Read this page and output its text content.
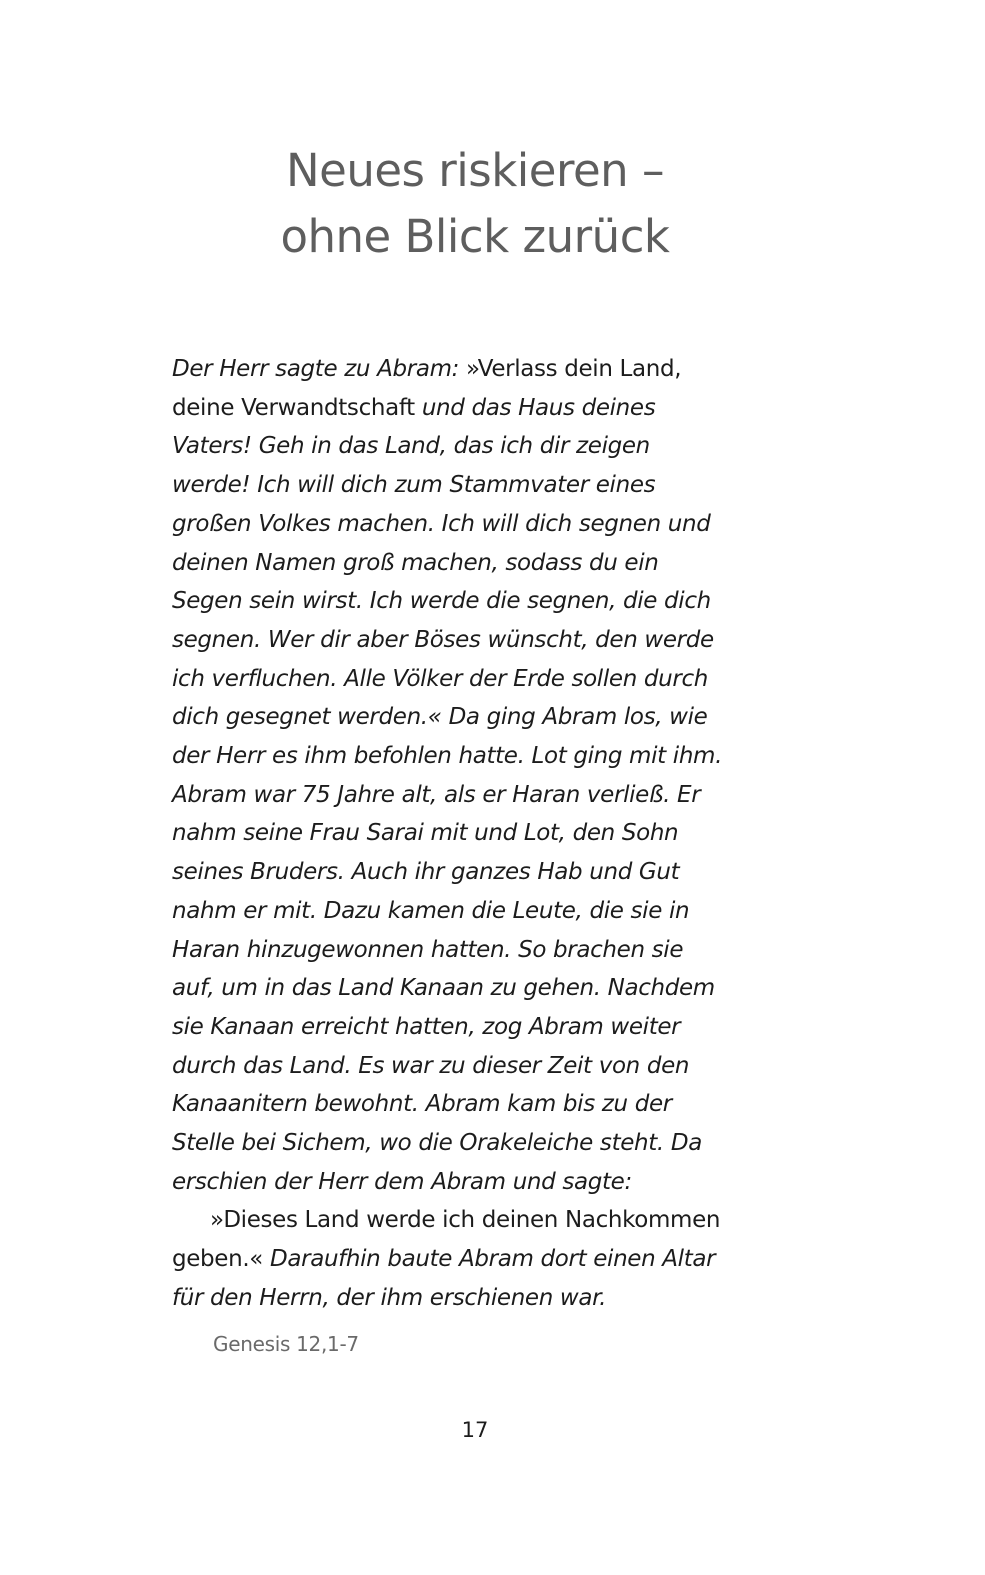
Neues riskieren –
ohne Blick zurück
Der Herr sagte zu Abram: »Verlass dein Land,
deine Verwandtschaft und das Haus deines
Vaters! Geh in das Land, das ich dir zeigen
werde! Ich will dich zum Stammvater eines
großen Volkes machen. Ich will dich segnen und
deinen Namen groß machen, sodass du ein
Segen sein wirst. Ich werde die segnen, die dich
segnen. Wer dir aber Böses wünscht, den werde
ich verfluchen. Alle Völker der Erde sollen durch
dich gesegnet werden.« Da ging Abram los, wie
der Herr es ihm befohlen hatte. Lot ging mit ihm.
Abram war 75 Jahre alt, als er Haran verließ. Er
nahm seine Frau Sarai mit und Lot, den Sohn
seines Bruders. Auch ihr ganzes Hab und Gut
nahm er mit. Dazu kamen die Leute, die sie in
Haran hinzugewonnen hatten. So brachen sie
auf, um in das Land Kanaan zu gehen. Nachdem
sie Kanaan erreicht hatten, zog Abram weiter
durch das Land. Es war zu dieser Zeit von den
Kanaanitern bewohnt. Abram kam bis zu der
Stelle bei Sichem, wo die Orakeleiche steht. Da
erschien der Herr dem Abram und sagte:
»Dieses Land werde ich deinen Nachkommen
geben.« Daraufhin baute Abram dort einen Altar
für den Herrn, der ihm erschienen war.
Genesis 12,1-7
17
